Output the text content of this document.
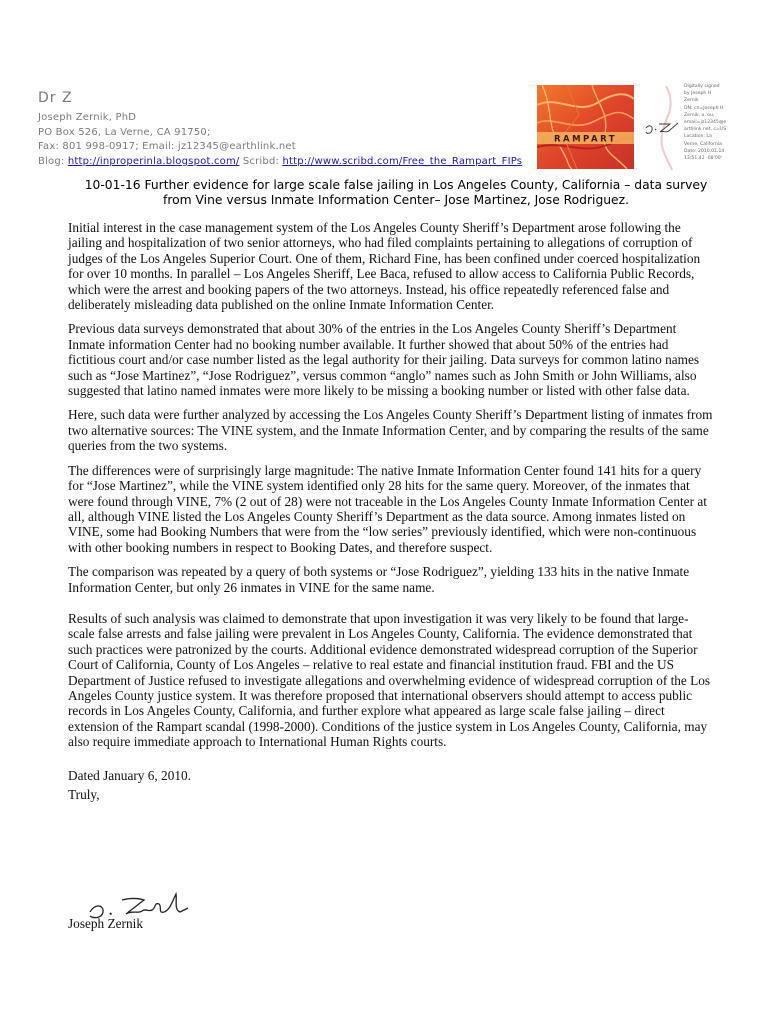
Dr Z
Joseph Zernik, PhD
PO Box 526, La Verne, CA 91750;
Fax: 801 998-0917; Email: jz12345@earthlink.net
Blog: http://inproperinla.blogspot.com/ Scribd: http://www.scribd.com/Free_the_Rampart_FIPs
RAMPART
Digitally signed
by Joseph H
Zernik
DN: cn=Joseph H
Zernik, o, ou,
email=jz12345@e
arthlink.net, c=US
Location: La
Verne, California
Date: 2010.01.14
13:51:42 -08'00'
10-01-16 Further evidence for large scale false jailing in Los Angeles County, California – data survey
from Vine versus Inmate Information Center– Jose Martinez, Jose Rodriguez.

Initial interest in the case management system of the Los Angeles County Sheriff’s Department arose following the jailing and hospitalization of two senior attorneys, who had filed complaints pertaining to allegations of corruption of judges of the Los Angeles Superior Court. One of them, Richard Fine, has been confined under coerced hospitalization for over 10 months. In parallel – Los Angeles Sheriff, Lee Baca, refused to allow access to California Public Records, which were the arrest and booking papers of the two attorneys. Instead, his office repeatedly referenced false and deliberately misleading data published on the online Inmate Information Center.

Previous data surveys demonstrated that about 30% of the entries in the Los Angeles County Sheriff’s Department Inmate information Center had no booking number available. It further showed that about 50% of the entries had fictitious court and/or case number listed as the legal authority for their jailing. Data surveys for common latino names such as “Jose Martinez”, “Jose Rodriguez”, versus common “anglo” names such as John Smith or John Williams, also suggested that latino named inmates were more likely to be missing a booking number or listed with other false data.

Here, such data were further analyzed by accessing the Los Angeles County Sheriff’s Department listing of inmates from two alternative sources: The VINE system, and the Inmate Information Center, and by comparing the results of the same queries from the two systems.

The differences were of surprisingly large magnitude: The native Inmate Information Center found 141 hits for a query for “Jose Martinez”, while the VINE system identified only 28 hits for the same query. Moreover, of the inmates that were found through VINE, 7% (2 out of 28) were not traceable in the Los Angeles County Inmate Information Center at all, although VINE listed the Los Angeles County Sheriff’s Department as the data source. Among inmates listed on VINE, some had Booking Numbers that were from the “low series” previously identified, which were non-continuous with other booking numbers in respect to Booking Dates, and therefore suspect.

The comparison was repeated by a query of both systems or “Jose Rodriguez”, yielding 133 hits in the native Inmate Information Center, but only 26 inmates in VINE for the same name.

Results of such analysis was claimed to demonstrate that upon investigation it was very likely to be found that large-scale false arrests and false jailing were prevalent in Los Angeles County, California. The evidence demonstrated that such practices were patronized by the courts. Additional evidence demonstrated widespread corruption of the Superior Court of California, County of Los Angeles – relative to real estate and financial institution fraud. FBI and the US Department of Justice refused to investigate allegations and overwhelming evidence of widespread corruption of the Los Angeles County justice system. It was therefore proposed that international observers should attempt to access public records in Los Angeles County, California, and further explore what appeared as large scale false jailing – direct extension of the Rampart scandal (1998-2000). Conditions of the justice system in Los Angeles County, California, may also require immediate approach to International Human Rights courts.

Dated January 6, 2010.
Truly,
Joseph Zernik
